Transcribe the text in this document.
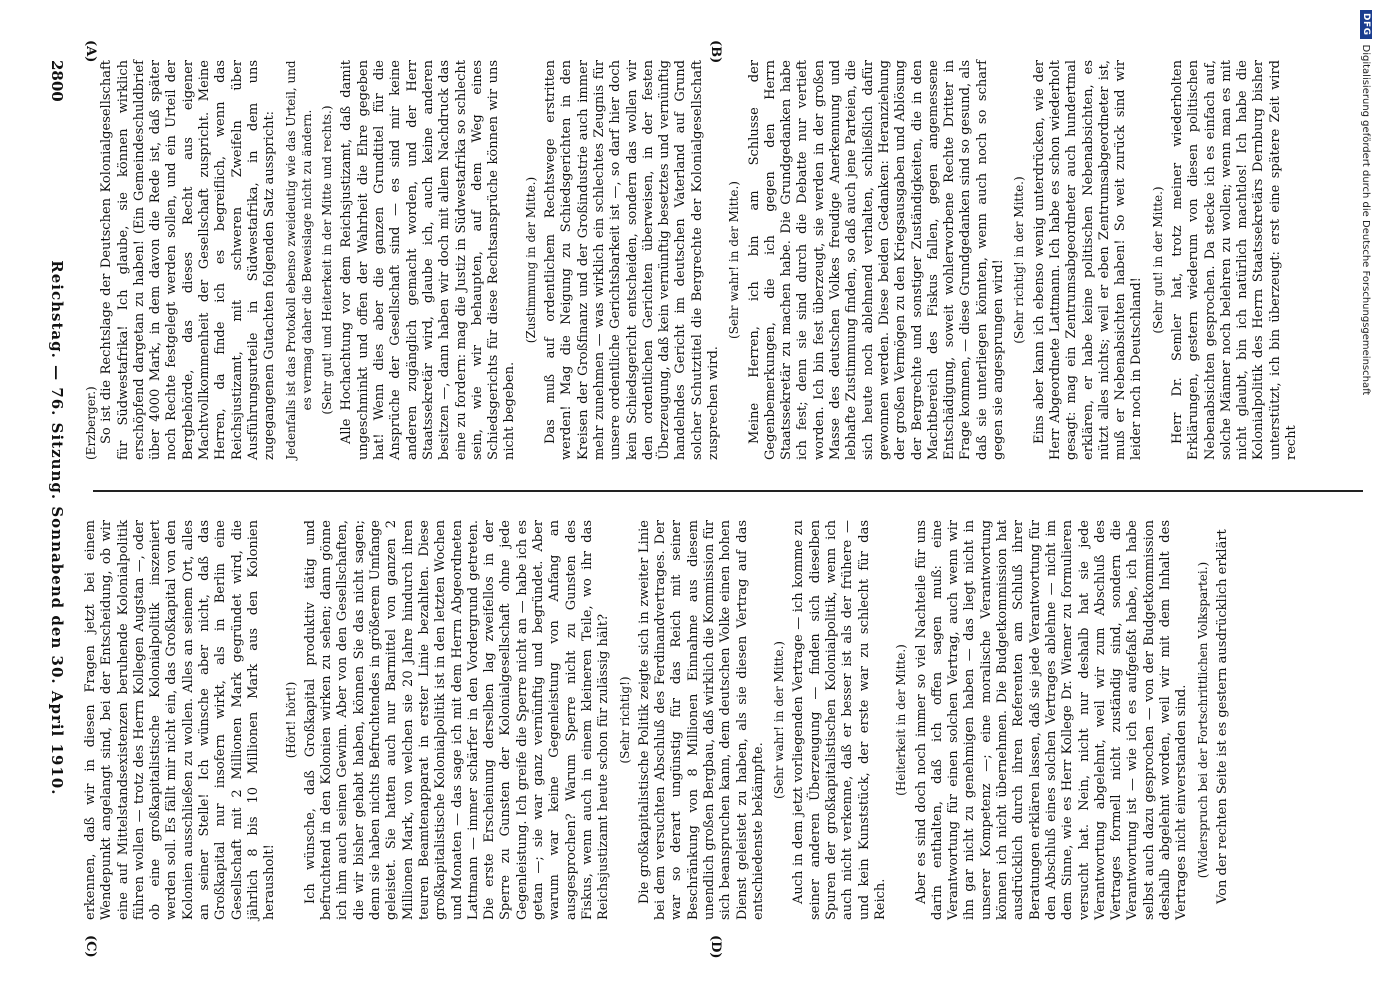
DFG
Digitalisierung gefördert durch die Deutsche Forschungsgemeinschaft
2800
Reichstag. — 76. Sitzung. Sonnabend den 30. April 1910.
(A)	(B)
(C)	(D)

(Erzberger.) So ist die Rechtslage der Deutschen Kolonialgesellschaft für Südwestafrika! Ich glaube, sie können wirklich erschöpfend dargetan zu haben! (Ein Gemeindeschuldbrief über 4000 Mark, in dem davon die Rede ist, daß später noch Rechte festgelegt werden sollen, und ein Urteil der Bergbehörde, das dieses Recht aus eigener Machtvollkommenheit der Gesellschaft zuspricht. Meine Herren, da finde ich es begreiflich, wenn das Reichsjustizamt, mit schweren Zweifeln über Ausführungsurteile in Südwestafrika, in dem uns zugegangenen Gutachten folgenden Satz ausspricht: Jedenfalls ist das Protokoll ebenso zweideutig wie das Urteil, und es vermag daher die Beweislage nicht zu ändern. (Sehr gut! und Heiterkeit in der Mitte und rechts.) Alle Hochachtung vor dem Reichsjustizamt, daß damit ungeschminkt und offen der Wahrheit die Ehre gegeben hat! Wenn dies aber die ganzen Grundtitel für die Ansprüche der Gesellschaft sind — es sind mir keine anderen zugänglich gemacht worden, und der Herr Staatssekretär wird, glaube ich, auch keine anderen besitzen —, dann haben wir doch mit allem Nachdruck das eine zu fordern: mag die Justiz in Südwestafrika so schlecht sein, wie wir behaupten, auf dem Weg eines Schiedsgerichts für diese Rechtsansprüche können wir uns nicht begeben.

(Zustimmung in der Mitte.) Das muß auf ordentlichem Rechtswege erstritten werden! Mag die Neigung zu Schiedsgerichten in den Kreisen der Großfinanz und der Großindustrie auch immer mehr zunehmen — was wirklich ein schlechtes Zeugnis für unsere ordentliche Gerichtsbarkeit ist —, so darf hier doch kein Schiedsgericht entscheiden, sondern das wollen wir den ordentlichen Gerichten überweisen, in der festen Überzeugung, daß kein vernünftig besetztes und vernünftig handelndes Gericht im deutschen Vaterland auf Grund solcher Schutztitel die Bergrechte der Kolonialgesellschaft zusprechen wird.

(Sehr wahr! in der Mitte.) Meine Herren, ich bin am Schlusse der Gegenbemerkungen, die ich gegen den Herrn Staatssekretär zu machen habe. Die Grundgedanken habe ich fest; denn sie sind durch die Debatte nur vertieft worden. Ich bin fest überzeugt, sie werden in der großen Masse des deutschen Volkes freudige Anerkennung und lebhafte Zustimmung finden, so daß auch jene Parteien, die sich heute noch ablehnend verhalten, schließlich dafür gewonnen werden. Diese beiden Gedanken: Heranziehung der großen Vermögen zu den Kriegsausgaben und Ablösung der Bergrechte und sonstiger Zuständigkeiten, die in den Machtbereich des Fiskus fallen, gegen angemessene Entschädigung, soweit wohlerworbene Rechte Dritter in Frage kommen, — diese Grundgedanken sind so gesund, als daß sie unterliegen könnten, wenn auch noch so scharf gegen sie angesprungen wird! (Sehr richtig! in der Mitte.) Eins aber kann ich ebenso wenig unterdrücken, wie der Herr Abgeordnete Lattmann. Ich habe es schon wiederholt gesagt: mag ein Zentrumsabgeordneter auch hundertmal erklären, er habe keine politischen Nebenabsichten, es nützt alles nichts; weil er eben Zentrumsabgeordneter ist, muß er Nebenabsichten haben! So weit zurück sind wir leider noch in Deutschland!

(Sehr gut! in der Mitte.) Herr Dr. Semler hat, trotz meiner wiederholten Erklärungen, gestern wiederum von diesen politischen Nebenabsichten gesprochen. Da stecke ich es einfach auf, solche Männer noch belehren zu wollen; wenn man es mit nicht glaubt, bin ich natürlich machtlos! Ich habe die Kolonialpolitik des Herrn Staatssekretärs Dernburg bisher unterstützt, ich bin überzeugt: erst eine spätere Zeit wird recht

erkennen, daß wir in diesen Fragen jetzt bei einem Wendepunkt angelangt sind, bei der Entscheidung, ob wir eine auf Mittelstandsexistenzen beruhende Kolonialpolitik führen wollen — trotz des Herrn Kollegen Augstan —, oder ob eine großkapitalistische Kolonialpolitik inszeniert werden soll. Es fällt mir nicht ein, das Großkapital von den Kolonien ausschließen zu wollen. Alles an seinem Ort, alles an seiner Stelle! Ich wünsche aber nicht, daß das Großkapital nur insofern wirkt, als in Berlin eine Gesellschaft mit 2 Millionen Mark gegründet wird, die jährlich 8 bis 10 Millionen Mark aus den Kolonien herausholt!

(Hört! hört!) Ich wünsche, daß Großkapital produktiv tätig und befruchtend in den Kolonien wirken zu sehen; dann gönne ich ihm auch seinen Gewinn. Aber von den Gesellschaften, die wir bisher gehabt haben, können Sie das nicht sagen; denn sie haben nichts Befruchtendes in größerem Umfange geleistet. Sie hatten auch nur Barmittel von ganzen 2 Millionen Mark, von welchen sie 20 Jahre hindurch ihren teuren Beamtenapparat in erster Linie bezahlten. Diese großkapitalistische Kolonialpolitik ist in den letzten Wochen und Monaten — das sage ich mit dem Herrn Abgeordneten Lattmann — immer schärfer in den Vordergrund getreten. Die erste Erscheinung derselben lag zweifellos in der Sperre zu Gunsten der Kolonialgesellschaft ohne jede Gegenleistung. Ich greife die Sperre nicht an — habe ich es getan —; sie war ganz vernünftig und begründet. Aber warum war keine Gegenleistung von Anfang an ausgesprochen? Warum Sperre nicht zu Gunsten des Fiskus, wenn auch in einem kleineren Teile, wo ihr das Reichsjustizamt heute schon für zulässig hält? (Sehr richtig!) Die großkapitalistische Politik zeigte sich in zweiter Linie bei dem versuchten Abschluß des Ferdinandvertrages. Der war so derart ungünstig für das Reich mit seiner Beschränkung von 8 Millionen Einnahme aus diesem unendlich großen Bergbau, daß wirklich die Kommission für sich beanspruchen kann, dem deutschen Volke einen hohen Dienst geleistet zu haben, als sie diesen Vertrag auf das entschiedenste bekämpfte.

(Sehr wahr! in der Mitte.) Auch in dem jetzt vorliegenden Vertrage — ich komme zu seiner anderen Überzeugung — finden sich dieselben Spuren der großkapitalistischen Kolonialpolitik, wenn ich auch nicht verkenne, daß er besser ist als der frühere — und kein Kunststück, der erste war zu schlecht für das Reich.

(Heiterkeit in der Mitte.) Aber es sind doch noch immer so viel Nachteile für uns darin enthalten, daß ich offen sagen muß: eine Verantwortung für einen solchen Vertrag, auch wenn wir ihn gar nicht zu genehmigen haben — das liegt nicht in unserer Kompetenz —; eine moralische Verantwortung können ich nicht übernehmen. Die Budgetkommission hat ausdrücklich durch ihren Referenten am Schluß ihrer Beratungen erklären lassen, daß sie jede Verantwortung für den Abschluß eines solchen Vertrages ablehne — nicht im dem Sinne, wie es Herr Kollege Dr. Wiemer zu formulieren versucht hat. Nein, nicht nur deshalb hat sie jede Verantwortung abgelehnt, weil wir zum Abschluß des Vertrages formell nicht zuständig sind, sondern die Verantwortung ist — wie ich es aufgefaßt habe, ich habe selbst auch dazu gesprochen — von der Budgetkommission deshalb abgelehnt worden, weil wir mit dem Inhalt des Vertrages nicht einverstanden sind. (Widerspruch bei der Fortschrittlichen Volkspartei.) Von der rechten Seite ist es gestern ausdrücklich erklärt
